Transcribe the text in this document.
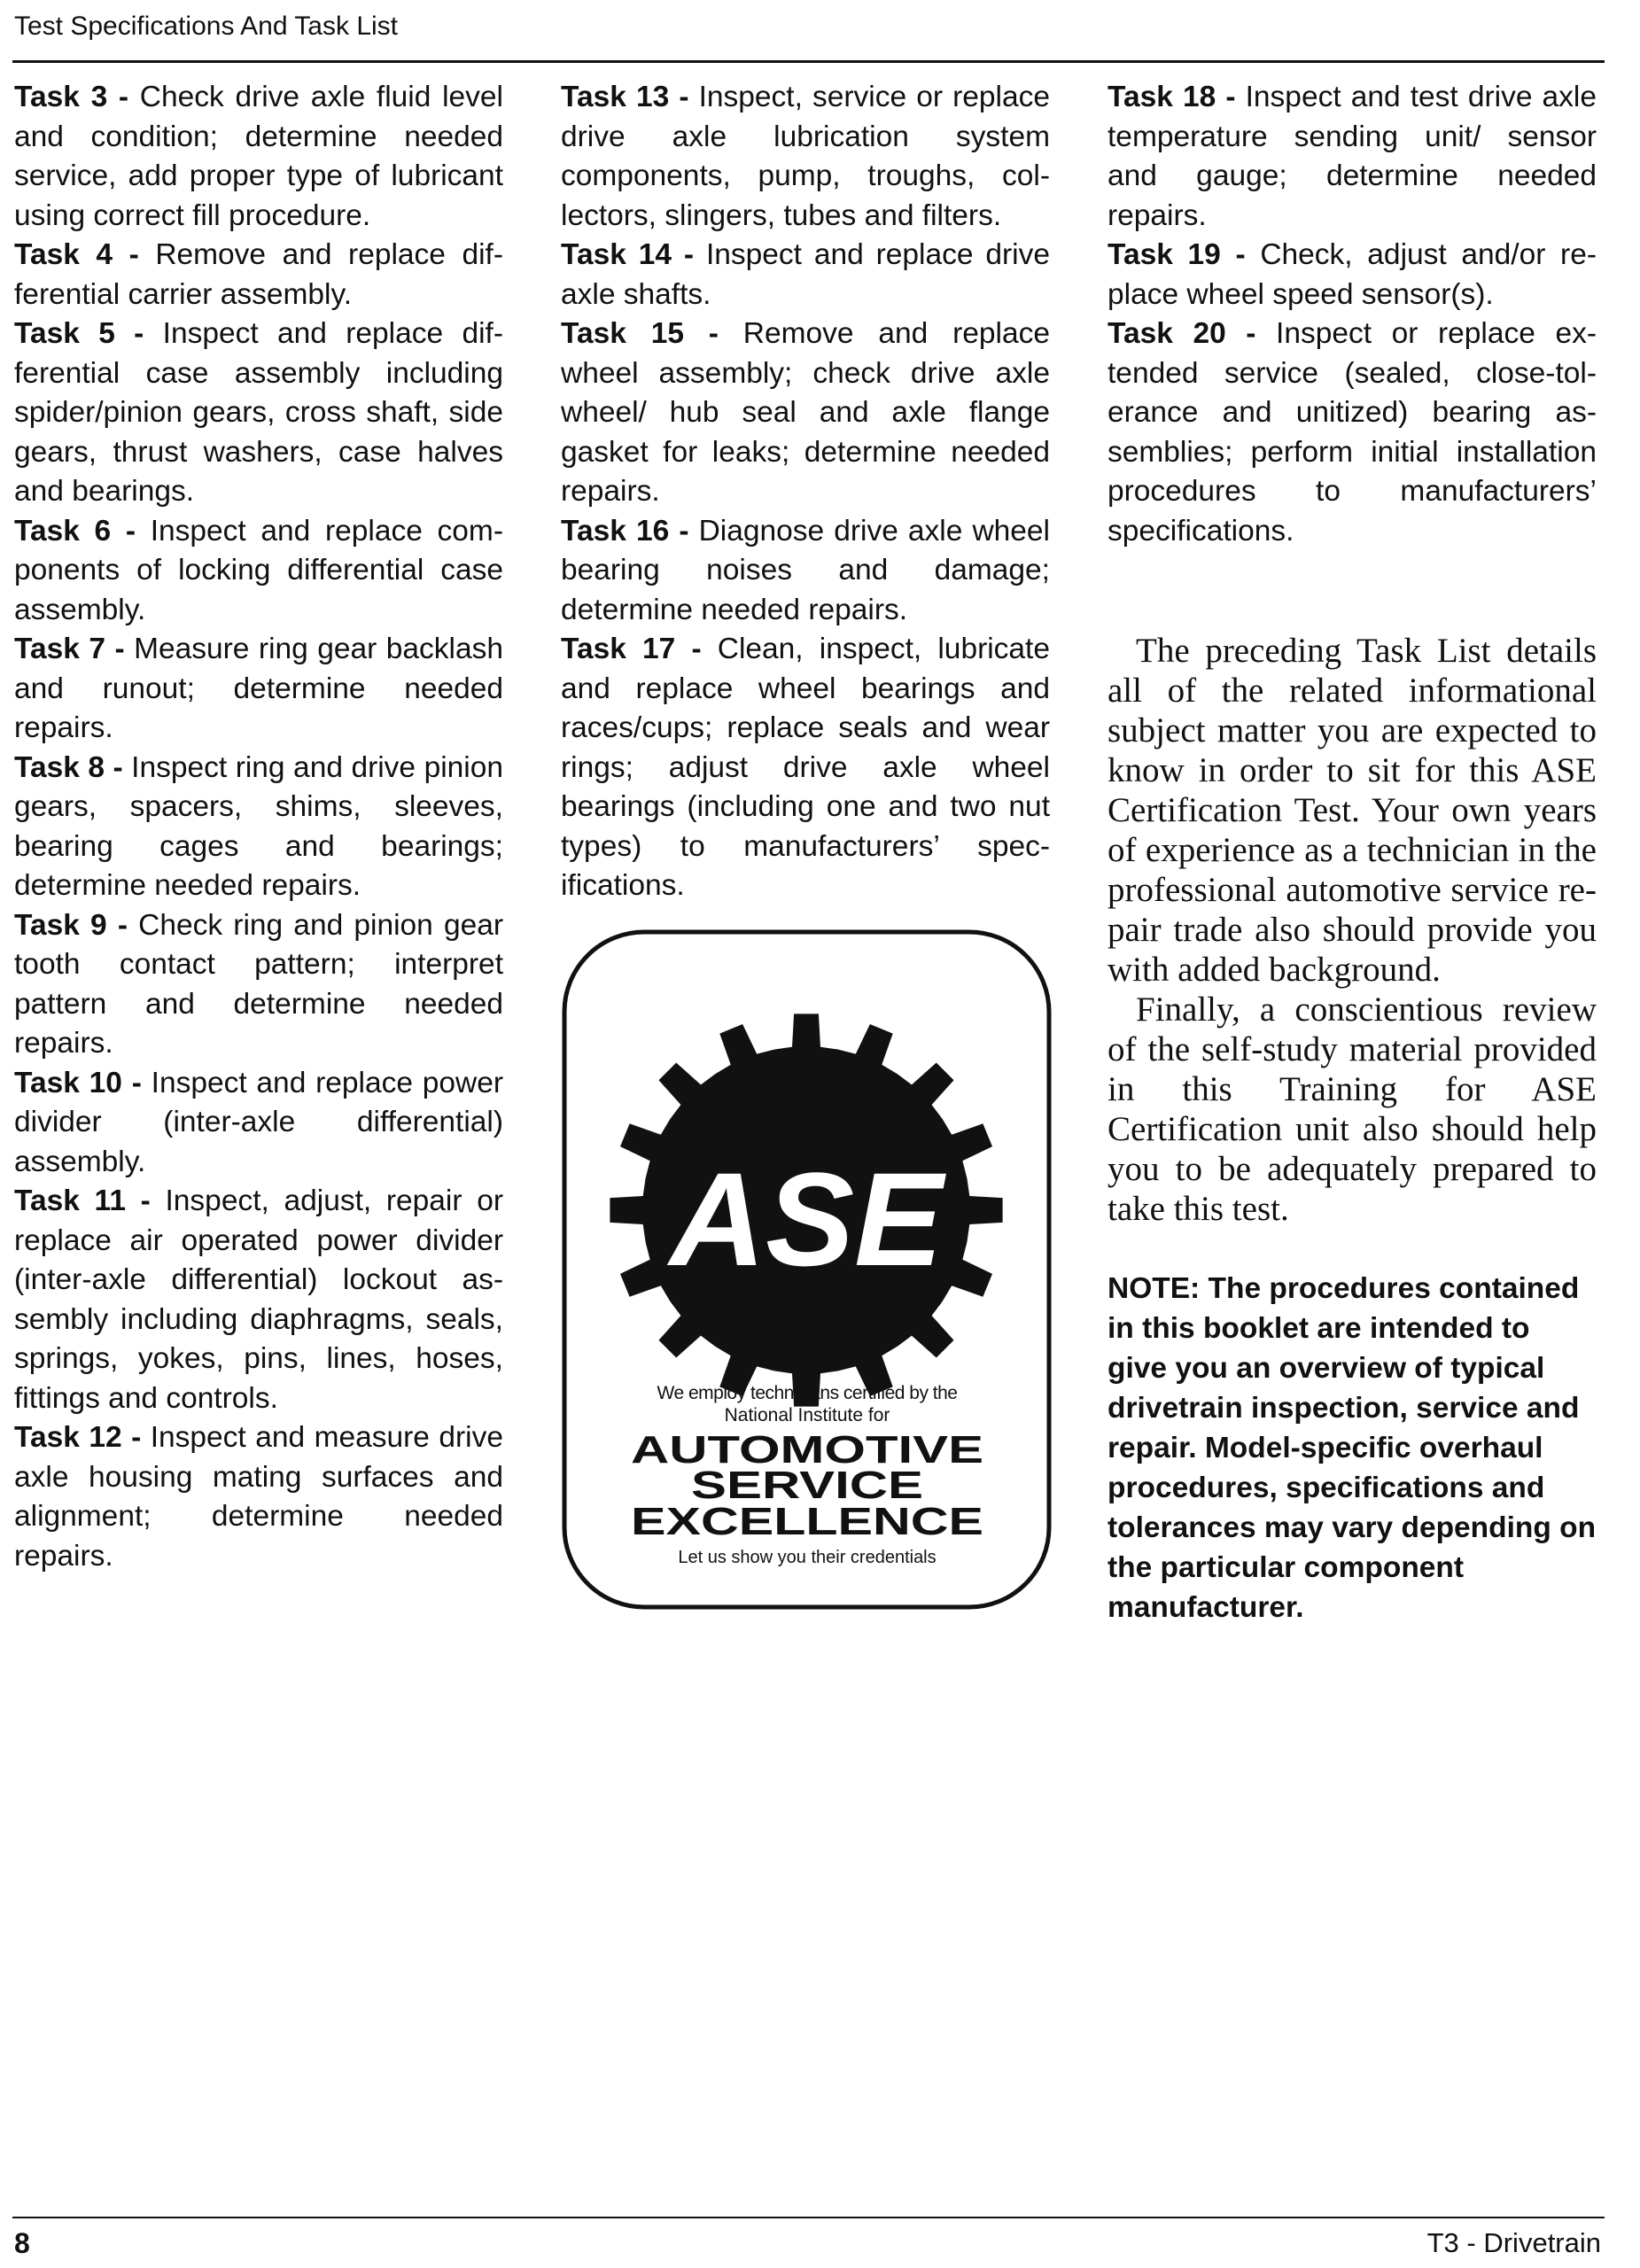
Test Specifications And Task List

Task 3 - Check drive axle fluid level and condition; determine needed service, add proper type of lubricant using correct fill procedure.

Task 4 - Remove and replace differential carrier assembly.

Task 5 - Inspect and replace differential case assembly including spider/pinion gears, cross shaft, side gears, thrust washers, case halves and bearings.

Task 6 - Inspect and replace components of locking differential case assembly.

Task 7 - Measure ring gear backlash and runout; determine needed repairs.

Task 8 - Inspect ring and drive pinion gears, spacers, shims, sleeves, bearing cages and bearings; determine needed repairs.

Task 9 - Check ring and pinion gear tooth contact pattern; interpret pattern and determine needed repairs.

Task 10 - Inspect and replace power divider (inter-axle differential) assembly.

Task 11 - Inspect, adjust, repair or replace air operated power divider (inter-axle differential) lockout assembly including diaphragms, seals, springs, yokes, pins, lines, hoses, fittings and controls.

Task 12 - Inspect and measure drive axle housing mating surfaces and alignment; determine needed repairs.

Task 13 - Inspect, service or replace drive axle lubrication system components, pump, troughs, collectors, slingers, tubes and filters.

Task 14 - Inspect and replace drive axle shafts.

Task 15 - Remove and replace wheel assembly; check drive axle wheel/ hub seal and axle flange gasket for leaks; determine needed repairs.

Task 16 - Diagnose drive axle wheel bearing noises and damage; determine needed repairs.

Task 17 - Clean, inspect, lubricate and replace wheel bearings and races/cups; replace seals and wear rings; adjust drive axle wheel bearings (including one and two nut types) to manufacturers’ specifications.

ASE
®
We employ technicians certified by the
National Institute for
AUTOMOTIVE
SERVICE
EXCELLENCE
Let us show you their credentials

Task 18 - Inspect and test drive axle temperature sending unit/ sensor and gauge; determine needed repairs.

Task 19 - Check, adjust and/or replace wheel speed sensor(s).

Task 20 - Inspect or replace extended service (sealed, close-tolerance and unitized) bearing assemblies; perform initial installation procedures to manufacturers’ specifications.

The preceding Task List details all of the related informational subject matter you are expected to know in order to sit for this ASE Certification Test. Your own years of experience as a technician in the professional automotive service repair trade also should provide you with added background.

Finally, a conscientious review of the self-study material provided in this Training for ASE Certification unit also should help you to be adequately prepared to take this test.

NOTE: The procedures contained in this booklet are intended to give you an overview of typical drivetrain inspection, service and repair. Model-specific overhaul procedures, specifications and tolerances may vary depending on the particular component manufacturer.

8	T3 - Drivetrain
